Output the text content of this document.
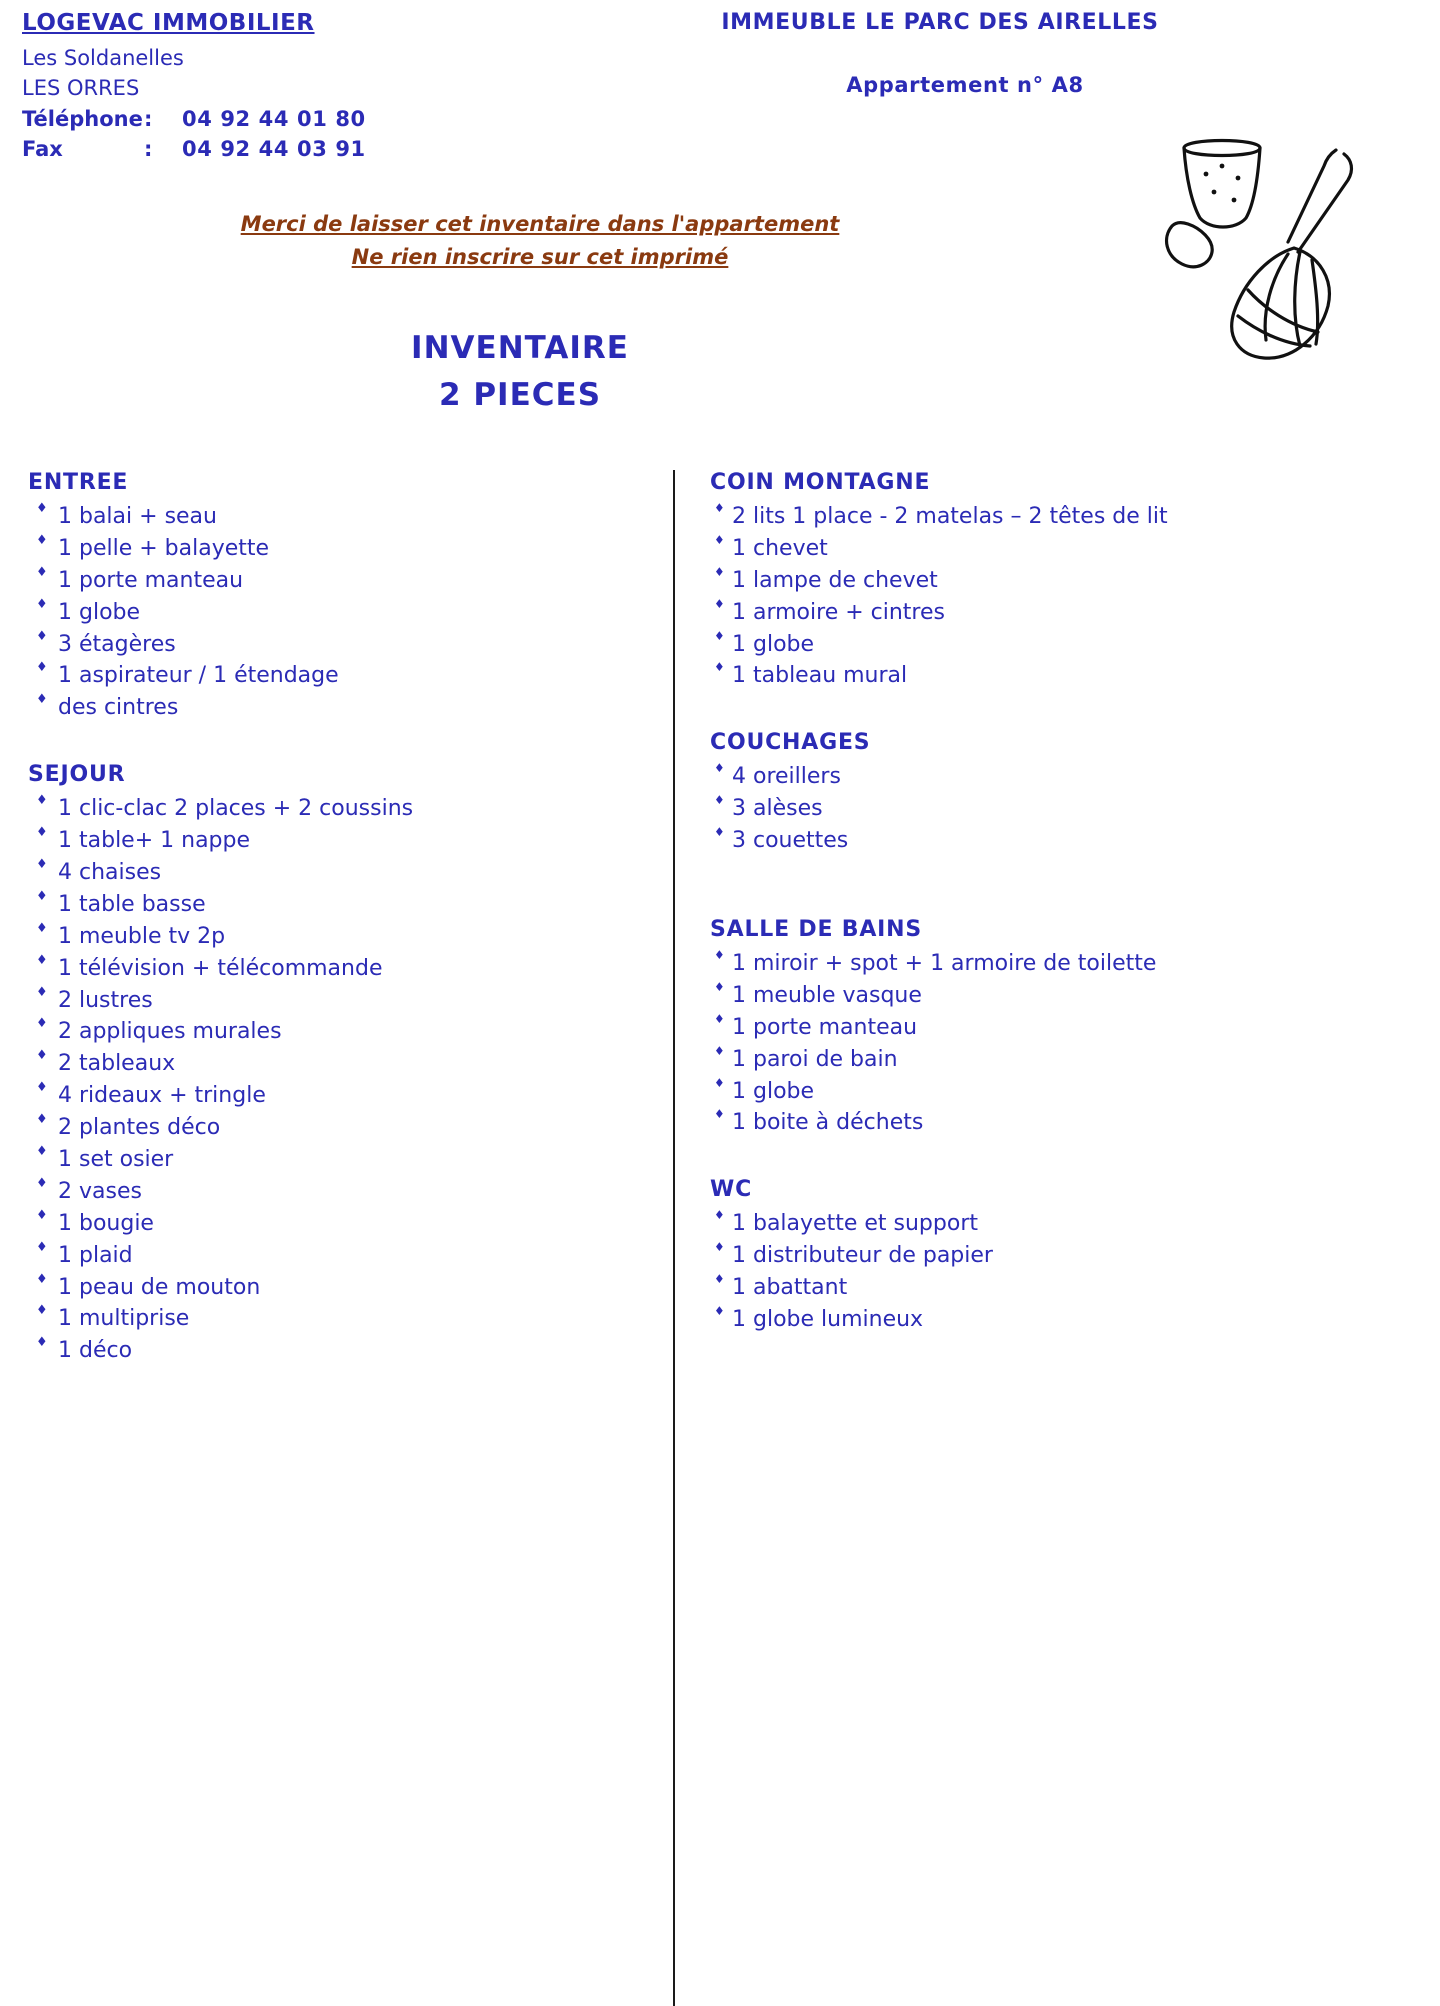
LOGEVAC IMMOBILIER
Les Soldanelles
LES ORRES
Téléphone :	04 92 44 01 80
Fax	:	04 92 44 03 91
IMMEUBLE LE PARC DES AIRELLES
Appartement n° A8
Merci de laisser cet inventaire dans l'appartement
Ne rien inscrire sur cet imprimé
INVENTAIRE
2 PIECES
ENTREE
♦ 1 balai + seau
♦ 1 pelle + balayette
♦ 1 porte manteau
♦ 1 globe
♦ 3 étagères
♦ 1 aspirateur / 1 étendage
♦ des cintres
SEJOUR
♦ 1 clic-clac 2 places + 2 coussins
♦ 1 table+ 1 nappe
♦ 4 chaises
♦ 1 table basse
♦ 1 meuble tv 2p
♦ 1 télévision + télécommande
♦ 2 lustres
♦ 2 appliques murales
♦ 2 tableaux
♦ 4 rideaux + tringle
♦ 2 plantes déco
♦ 1 set osier
♦ 2 vases
♦ 1 bougie
♦ 1 plaid
♦ 1 peau de mouton
♦ 1 multiprise
♦ 1 déco
COIN MONTAGNE
♦ 2 lits 1 place - 2 matelas – 2 têtes de lit
♦ 1 chevet
♦ 1 lampe de chevet
♦ 1 armoire + cintres
♦ 1 globe
♦ 1 tableau mural
COUCHAGES
♦ 4 oreillers
♦ 3 alèses
♦ 3 couettes
SALLE DE BAINS
♦ 1 miroir + spot + 1 armoire de toilette
♦ 1 meuble vasque
♦ 1 porte manteau
♦ 1 paroi de bain
♦ 1 globe
♦ 1 boite à déchets
WC
♦ 1 balayette et support
♦ 1 distributeur de papier
♦ 1 abattant
♦ 1 globe lumineux
